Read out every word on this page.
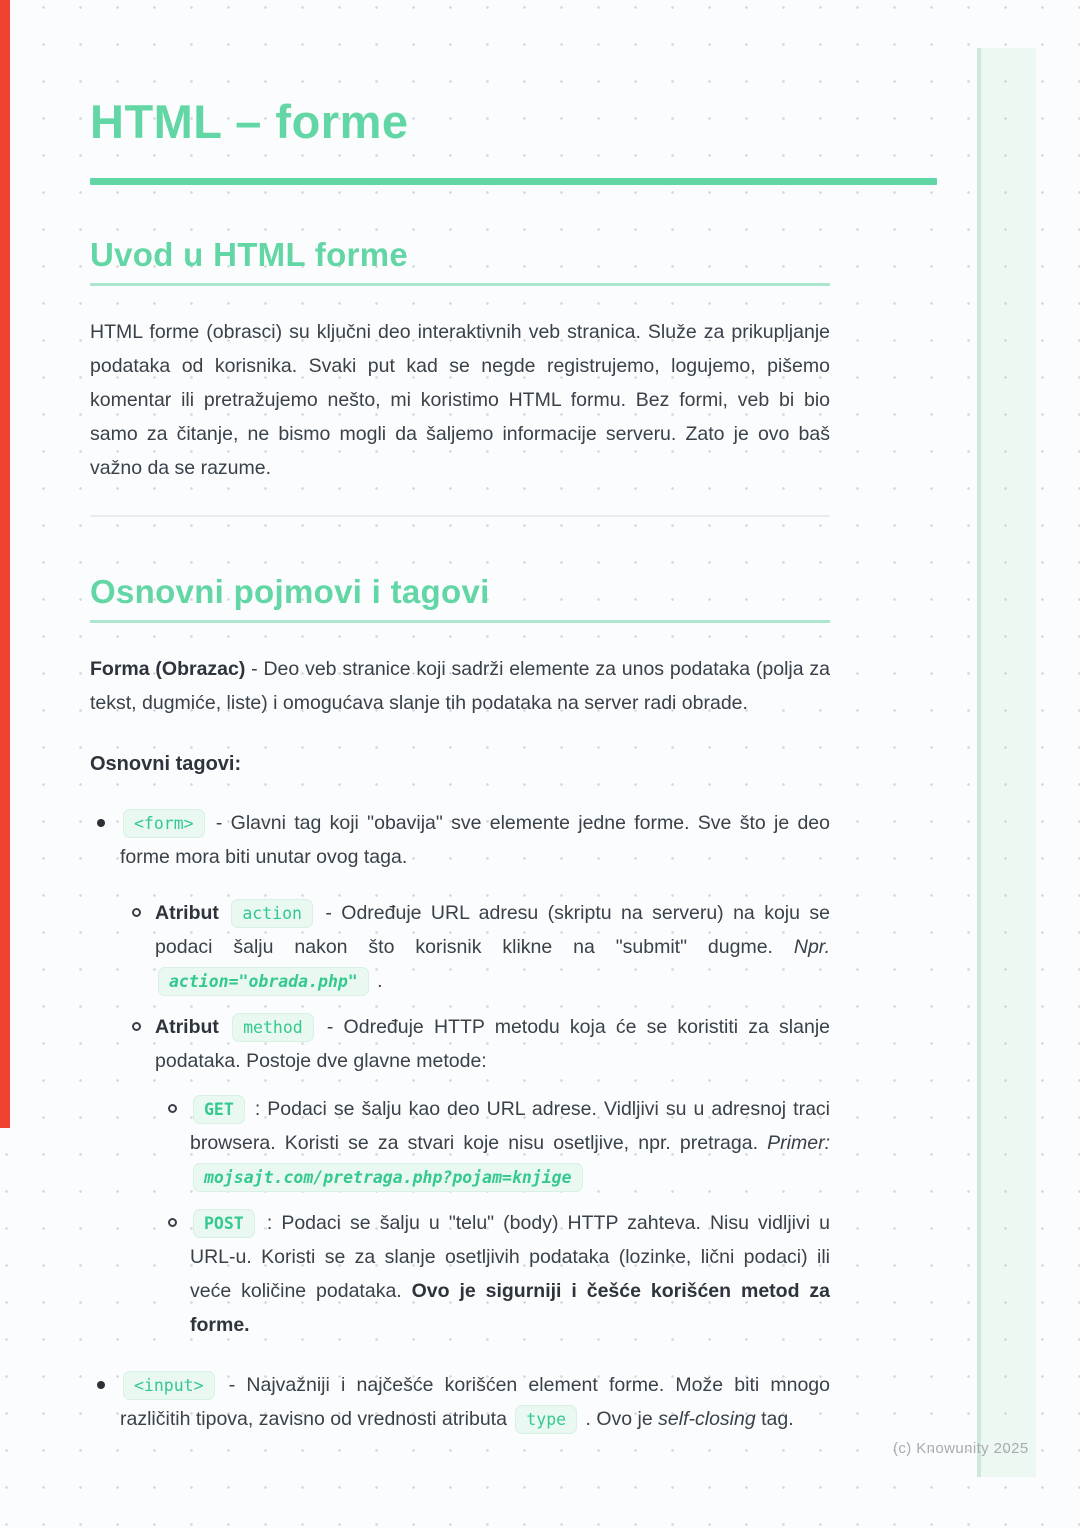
HTML – forme
Uvod u HTML forme

HTML forme (obrasci) su ključni deo interaktivnih veb stranica. Služe za prikupljanje podataka od korisnika. Svaki put kad se negde registrujemo, logujemo, pišemo komentar ili pretražujemo nešto, mi koristimo HTML formu. Bez formi, veb bi bio samo za čitanje, ne bismo mogli da šaljemo informacije serveru. Zato je ovo baš važno da se razume.

Osnovni pojmovi i tagovi

Forma (Obrazac) - Deo veb stranice koji sadrži elemente za unos podataka (polja za tekst, dugmiće, liste) i omogućava slanje tih podataka na server radi obrade.

Osnovni tagovi:

<form> - Glavni tag koji "obavija" sve elemente jedne forme. Sve što je deo forme mora biti unutar ovog taga.
Atribut action - Određuje URL adresu (skriptu na serveru) na koju se podaci šalju nakon što korisnik klikne na "submit" dugme. Npr. action="obrada.php" .
Atribut method - Određuje HTTP metodu koja će se koristiti za slanje podataka. Postoje dve glavne metode:
GET : Podaci se šalju kao deo URL adrese. Vidljivi su u adresnoj traci browsera. Koristi se za stvari koje nisu osetljive, npr. pretraga. Primer: mojsajt.com/pretraga.php?pojam=knjige
POST : Podaci se šalju u "telu" (body) HTTP zahteva. Nisu vidljivi u URL-u. Koristi se za slanje osetljivih podataka (lozinke, lični podaci) ili veće količine podataka. Ovo je sigurniji i češće korišćen metod za forme.
<input> - Najvažniji i najčešće korišćen element forme. Može biti mnogo različitih tipova, zavisno od vrednosti atributa type . Ovo je self-closing tag.
(c) Knowunity 2025
